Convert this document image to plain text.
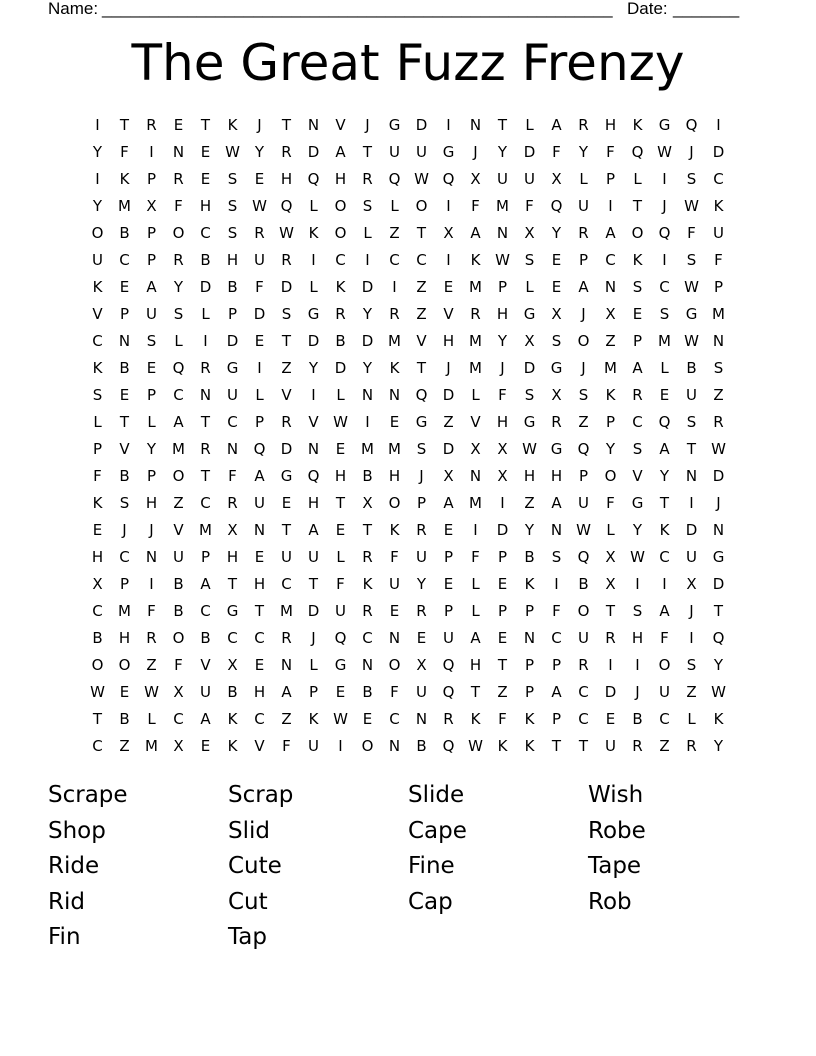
Name: ______________________________________________________ Date: _______
The Great Fuzz Frenzy
I	T	R	E	T	K	J	T	N	V	J	G	D	I	N	T	L	A	R	H	K	G	Q	I
Y	F	I	N	E W Y	R	D	A	T	U	U	G	J	Y	D	F	Y	F	Q W	J	D
I	K	P	R	E	S	E	H	Q	H	R	Q W Q	X	U	U	X	L	P	L	I	S	C
Y	M	X	F	H	S W Q	L	O	S	L	O	I	F	M	F	Q	U	I	T	J	W K
O	B	P	O	C	S	R W K	O	L	Z	T	X	A	N	X	Y	R	A	O	Q	F	U
U	C	P	R	B	H	U	R	I	C	I	C	C	I	K W S	E	P	C	K	I	S	F
K	E	A	Y	D	B	F	D	L	K	D	I	Z	E	M	P	L	E	A	N	S	C W	P
V	P	U	S	L	P	D	S	G	R	Y	R	Z	V	R	H	G	X	J	X	E	S	G M
C	N	S	L	I	D	E	T	D	B	D M	V	H M	Y	X	S	O	Z	P	M W N
K	B	E	Q	R	G	I	Z	Y	D	Y	K	T	J	M	J	D	G	J	M	A	L	B	S
S	E	P	C	N	U	L	V	I	L	N	N	Q	D	L	F	S	X	S	K	R	E	U	Z
L	T	L	A	T	C	P	R	V W	I	E	G	Z	V	H	G	R	Z	P	C	Q	S	R
P	V	Y	M	R	N	Q	D	N	E	M M	S	D	X	X W G	Q	Y	S	A	T	W
F	B	P	O	T	F	A	G	Q	H	B	H	J	X	N	X	H	H	P	O	V	Y	N	D
K	S	H	Z	C	R	U	E	H	T	X	O	P	A	M	I	Z	A	U	F	G	T	I	J
E	J	J	V	M	X	N	T	A	E	T	K	R	E	I	D	Y	N W	L	Y	K	D	N
H	C	N	U	P	H	E	U	U	L	R	F	U	P	F	P	B	S	Q	X W C	U	G
X	P	I	B	A	T	H	C	T	F	K	U	Y	E	L	E	K	I	B	X	I	I	X	D
C	M	F	B	C	G	T	M D	U	R	E	R	P	L	P	P	F	O	T	S	A	J	T
B	H	R	O	B	C	C	R	J	Q	C	N	E	U	A	E	N	C	U	R	H	F	I	Q
O	O	Z	F	V	X	E	N	L	G	N	O	X	Q	H	T	P	P	R	I	I	O	S	Y
W E W X	U	B	H	A	P	E	B	F	U	Q	T	Z	P	A	C	D	J	U	Z W
T	B	L	C	A	K	C	Z	K W E	C	N	R	K	F	K	P	C	E	B	C	L	K
C	Z	M	X	E	K	V	F	U	I	O	N	B	Q W K	K	T	T	U	R	Z	R	Y
Scrape	Scrap	Slide	Wish
Shop	Slid	Cape	Robe
Ride	Cute	Fine	Tape
Rid	Cut	Cap	Rob
Fin	Tap
